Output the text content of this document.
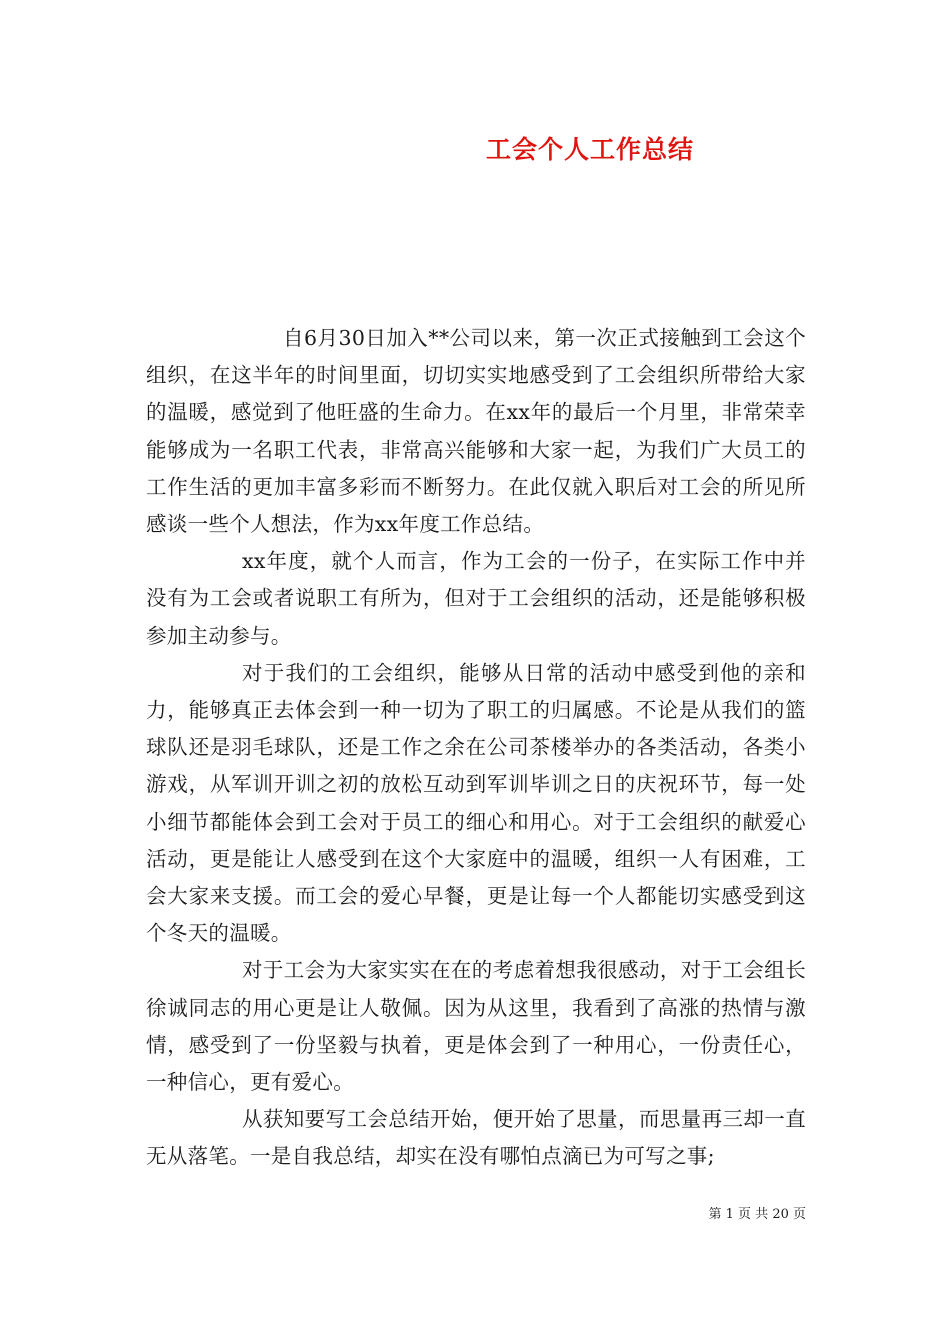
工会个人工作总结

自6月30日加入**公司以来，第一次正式接触到工会这个组织，在这半年的时间里面，切切实实地感受到了工会组织所带给大家的温暖，感觉到了他旺盛的生命力。在xx年的最后一个月里，非常荣幸能够成为一名职工代表，非常高兴能够和大家一起，为我们广大员工的工作生活的更加丰富多彩而不断努力。在此仅就入职后对工会的所见所感谈一些个人想法，作为xx年度工作总结。

xx年度，就个人而言，作为工会的一份子，在实际工作中并没有为工会或者说职工有所为，但对于工会组织的活动，还是能够积极参加主动参与。

对于我们的工会组织，能够从日常的活动中感受到他的亲和力，能够真正去体会到一种一切为了职工的归属感。不论是从我们的篮球队还是羽毛球队，还是工作之余在公司茶楼举办的各类活动，各类小游戏，从军训开训之初的放松互动到军训毕训之日的庆祝环节，每一处小细节都能体会到工会对于员工的细心和用心。对于工会组织的献爱心活动，更是能让人感受到在这个大家庭中的温暖，组织一人有困难，工会大家来支援。而工会的爱心早餐，更是让每一个人都能切实感受到这个冬天的温暖。

对于工会为大家实实在在的考虑着想我很感动，对于工会组长徐诚同志的用心更是让人敬佩。因为从这里，我看到了高涨的热情与激情，感受到了一份坚毅与执着，更是体会到了一种用心，一份责任心，一种信心，更有爱心。

从获知要写工会总结开始，便开始了思量，而思量再三却一直无从落笔。一是自我总结，却实在没有哪怕点滴已为可写之事;

第 1 页 共 20 页
